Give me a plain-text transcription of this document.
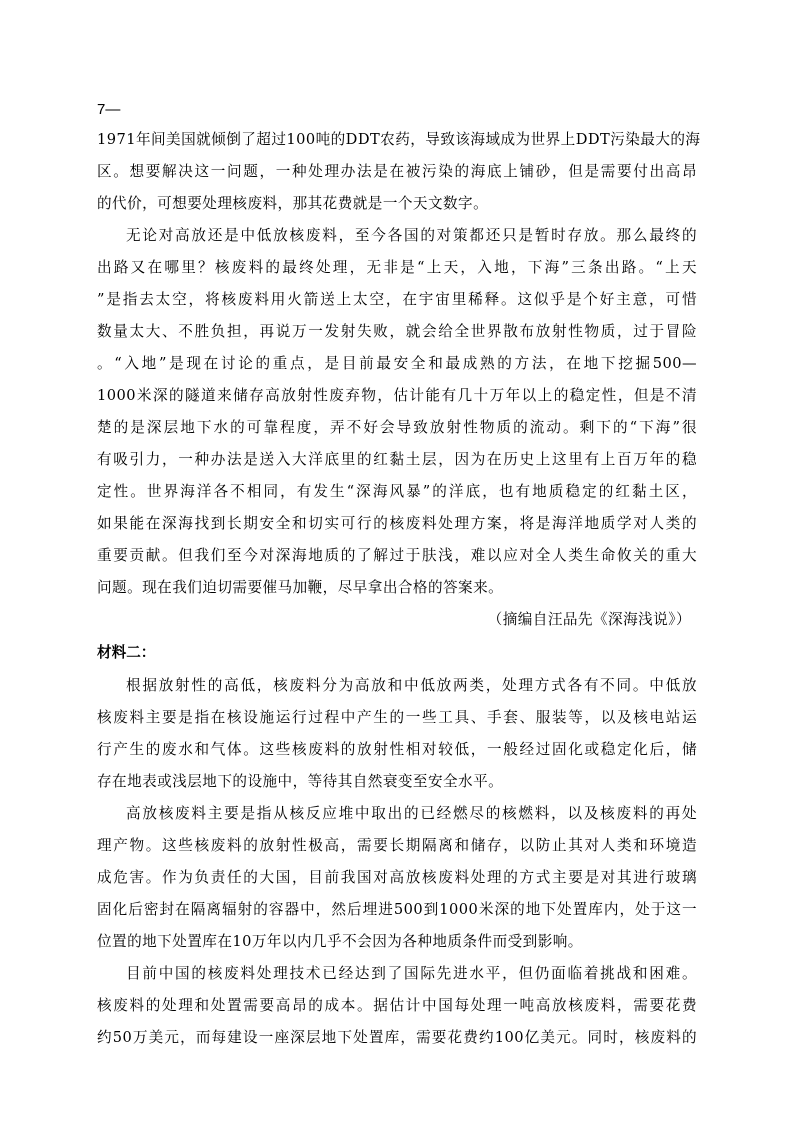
7—
1971年间美国就倾倒了超过100吨的DDT农药，导致该海域成为世界上DDT污染最大的海
区。想要解决这一问题，一种处理办法是在被污染的海底上铺砂，但是需要付出高昂
的代价，可想要处理核废料，那其花费就是一个天文数字。
无论对高放还是中低放核废料，至今各国的对策都还只是暂时存放。那么最终的
出路又在哪里？核废料的最终处理，无非是“上天，入地，下海”三条出路。“上天
”是指去太空，将核废料用火箭送上太空，在宇宙里稀释。这似乎是个好主意，可惜
数量太大、不胜负担，再说万一发射失败，就会给全世界散布放射性物质，过于冒险
。“入地”是现在讨论的重点，是目前最安全和最成熟的方法，在地下挖掘500—
1000米深的隧道来储存高放射性废弃物，估计能有几十万年以上的稳定性，但是不清
楚的是深层地下水的可靠程度，弄不好会导致放射性物质的流动。剩下的“下海”很
有吸引力，一种办法是送入大洋底里的红黏土层，因为在历史上这里有上百万年的稳
定性。世界海洋各不相同，有发生“深海风暴”的洋底，也有地质稳定的红黏土区，
如果能在深海找到长期安全和切实可行的核废料处理方案，将是海洋地质学对人类的
重要贡献。但我们至今对深海地质的了解过于肤浅，难以应对全人类生命攸关的重大
问题。现在我们迫切需要催马加鞭，尽早拿出合格的答案来。
（摘编自汪品先《深海浅说》）
材料二：
根据放射性的高低，核废料分为高放和中低放两类，处理方式各有不同。中低放
核废料主要是指在核设施运行过程中产生的一些工具、手套、服装等，以及核电站运
行产生的废水和气体。这些核废料的放射性相对较低，一般经过固化或稳定化后，储
存在地表或浅层地下的设施中，等待其自然衰变至安全水平。
高放核废料主要是指从核反应堆中取出的已经燃尽的核燃料，以及核废料的再处
理产物。这些核废料的放射性极高，需要长期隔离和储存，以防止其对人类和环境造
成危害。作为负责任的大国，目前我国对高放核废料处理的方式主要是对其进行玻璃
固化后密封在隔离辐射的容器中，然后埋进500到1000米深的地下处置库内，处于这一
位置的地下处置库在10万年以内几乎不会因为各种地质条件而受到影响。
目前中国的核废料处理技术已经达到了国际先进水平，但仍面临着挑战和困难。
核废料的处理和处置需要高昂的成本。据估计中国每处理一吨高放核废料，需要花费
约50万美元，而每建设一座深层地下处置库，需要花费约100亿美元。同时，核废料的
